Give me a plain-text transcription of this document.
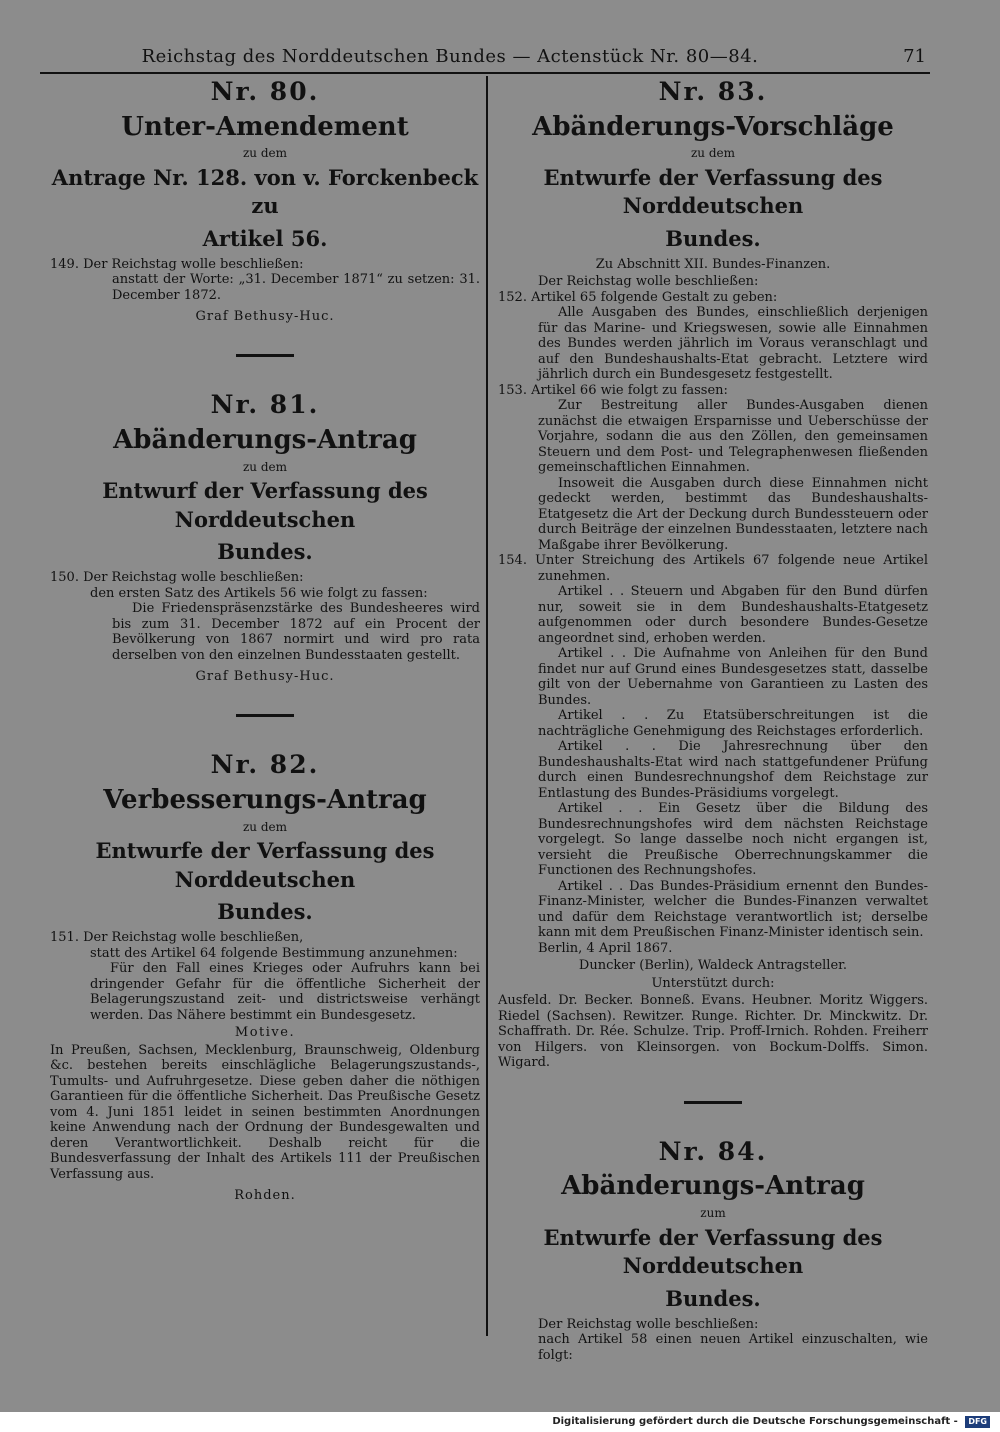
Reichstag des Norddeutschen Bundes — Actenstück Nr. 80—84.	71
Nr. 80.
Unter-Amendement
zu dem
Antrage Nr. 128. von v. Forckenbeck zu
Artikel 56.

149. Der Reichstag wolle beschließen:

anstatt der Worte: „31. December 1871“ zu setzen: 31. December 1872.

Graf Bethusy-Huc.
Nr. 81.
Abänderungs-Antrag
zu dem
Entwurf der Verfassung des Norddeutschen
Bundes.

150. Der Reichstag wolle beschließen:

den ersten Satz des Artikels 56 wie folgt zu fassen:

Die Friedenspräsenzstärke des Bundesheeres wird bis zum 31. December 1872 auf ein Procent der Bevölkerung von 1867 normirt und wird pro rata derselben von den einzelnen Bundesstaaten gestellt.

Graf Bethusy-Huc.
Nr. 82.
Verbesserungs-Antrag
zu dem
Entwurfe der Verfassung des Norddeutschen
Bundes.

151. Der Reichstag wolle beschließen,

statt des Artikel 64 folgende Bestimmung anzunehmen:

Für den Fall eines Krieges oder Aufruhrs kann bei dringender Gefahr für die öffentliche Sicherheit der Belagerungszustand zeit- und districtsweise verhängt werden. Das Nähere bestimmt ein Bundesgesetz.

Motive.

In Preußen, Sachsen, Mecklenburg, Braunschweig, Oldenburg &c. bestehen bereits einschlägliche Belagerungszustands-, Tumults- und Aufruhrgesetze. Diese geben daher die nöthigen Garantieen für die öffentliche Sicherheit. Das Preußische Gesetz vom 4. Juni 1851 leidet in seinen bestimmten Anordnungen keine Anwendung nach der Ordnung der Bundesgewalten und deren Verantwortlichkeit. Deshalb reicht für die Bundesverfassung der Inhalt des Artikels 111 der Preußischen Verfassung aus.

Rohden.
Nr. 83.
Abänderungs-Vorschläge
zu dem
Entwurfe der Verfassung des Norddeutschen
Bundes.

Zu Abschnitt XII. Bundes-Finanzen.

Der Reichstag wolle beschließen:

152. Artikel 65 folgende Gestalt zu geben:

Alle Ausgaben des Bundes, einschließlich derjenigen für das Marine- und Kriegswesen, sowie alle Einnahmen des Bundes werden jährlich im Voraus veranschlagt und auf den Bundeshaushalts-Etat gebracht. Letztere wird jährlich durch ein Bundesgesetz festgestellt.

153. Artikel 66 wie folgt zu fassen:

Zur Bestreitung aller Bundes-Ausgaben dienen zunächst die etwaigen Ersparnisse und Ueberschüsse der Vorjahre, sodann die aus den Zöllen, den gemeinsamen Steuern und dem Post- und Telegraphenwesen fließenden gemeinschaftlichen Einnahmen.

Insoweit die Ausgaben durch diese Einnahmen nicht gedeckt werden, bestimmt das Bundeshaushalts-Etatgesetz die Art der Deckung durch Bundessteuern oder durch Beiträge der einzelnen Bundesstaaten, letztere nach Maßgabe ihrer Bevölkerung.

154. Unter Streichung des Artikels 67 folgende neue Artikel zunehmen.

Artikel . . Steuern und Abgaben für den Bund dürfen nur, soweit sie in dem Bundeshaushalts-Etatgesetz aufgenommen oder durch besondere Bundes-Gesetze angeordnet sind, erhoben werden.

Artikel . . Die Aufnahme von Anleihen für den Bund findet nur auf Grund eines Bundesgesetzes statt, dasselbe gilt von der Uebernahme von Garantieen zu Lasten des Bundes.

Artikel . . Zu Etatsüberschreitungen ist die nachträgliche Genehmigung des Reichstages erforderlich.

Artikel . . Die Jahresrechnung über den Bundeshaushalts-Etat wird nach stattgefundener Prüfung durch einen Bundesrechnungshof dem Reichstage zur Entlastung des Bundes-Präsidiums vorgelegt.

Artikel . . Ein Gesetz über die Bildung des Bundesrechnungshofes wird dem nächsten Reichstage vorgelegt. So lange dasselbe noch nicht ergangen ist, versieht die Preußische Oberrechnungskammer die Functionen des Rechnungshofes.

Artikel . . Das Bundes-Präsidium ernennt den Bundes-Finanz-Minister, welcher die Bundes-Finanzen verwaltet und dafür dem Reichstage verantwortlich ist; derselbe kann mit dem Preußischen Finanz-Minister identisch sein.

Berlin, 4 April 1867.

Duncker (Berlin), Waldeck Antragsteller.

Unterstützt durch:

Ausfeld. Dr. Becker. Bonneß. Evans. Heubner. Moritz Wiggers. Riedel (Sachsen). Rewitzer. Runge. Richter. Dr. Minckwitz. Dr. Schaffrath. Dr. Rée. Schulze. Trip. Proff-Irnich. Rohden. Freiherr von Hilgers. von Kleinsorgen. von Bockum-Dolffs. Simon. Wigard.

Nr. 84.
Abänderungs-Antrag
zum
Entwurfe der Verfassung des Norddeutschen
Bundes.

Der Reichstag wolle beschließen:

nach Artikel 58 einen neuen Artikel einzuschalten, wie folgt:

Digitalisierung gefördert durch die Deutsche Forschungsgemeinschaft - DFG
